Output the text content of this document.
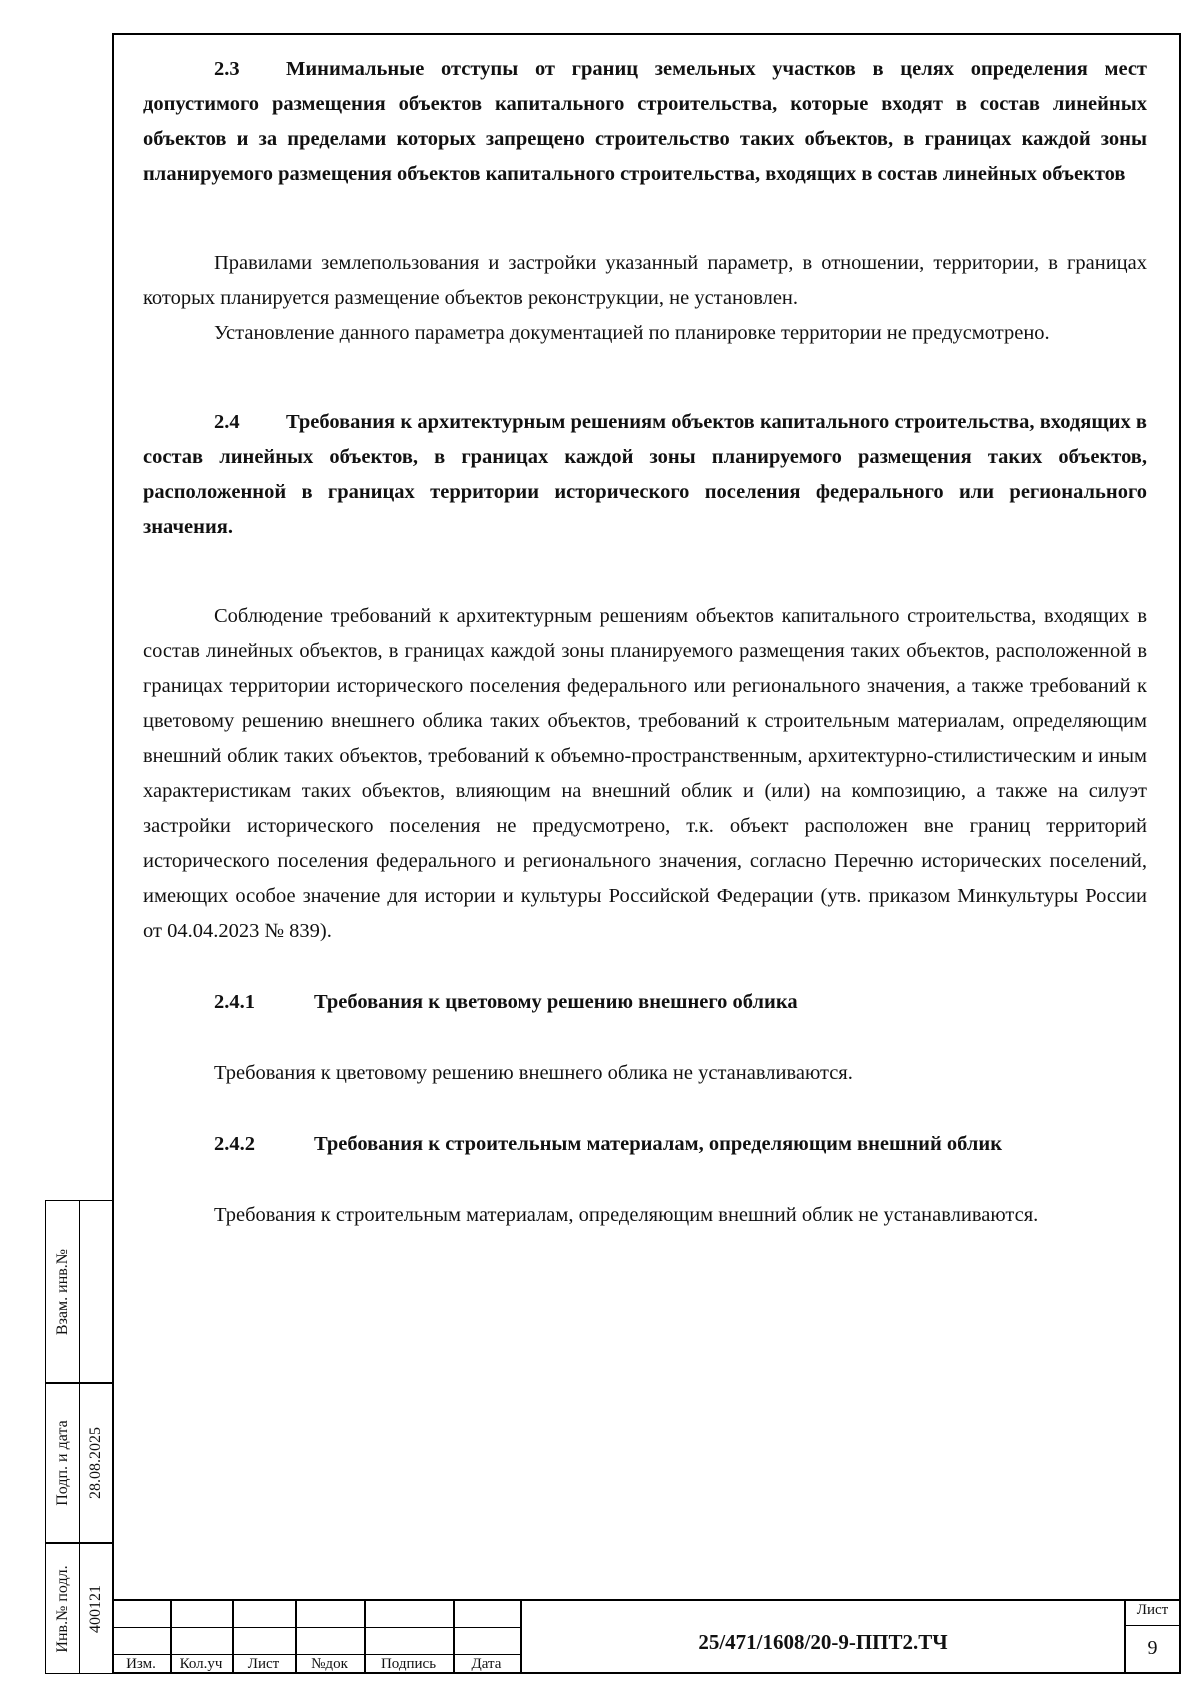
2.3 Минимальные отступы от границ земельных участков в целях определения мест допустимого размещения объектов капитального строительства, которые входят в состав линейных объектов и за пределами которых запрещено строительство таких объектов, в границах каждой зоны планируемого размещения объектов капитального строительства, входящих в состав линейных объектов

Правилами землепользования и застройки указанный параметр, в отношении, территории, в границах которых планируется размещение объектов реконструкции, не установлен.

Установление данного параметра документацией по планировке территории не предусмотрено.

2.4 Требования к архитектурным решениям объектов капитального строительства, входящих в состав линейных объектов, в границах каждой зоны планируемого размещения таких объектов, расположенной в границах территории исторического поселения федерального или регионального значения.

Соблюдение требований к архитектурным решениям объектов капитального строительства, входящих в состав линейных объектов, в границах каждой зоны планируемого размещения таких объектов, расположенной в границах территории исторического поселения федерального или регионального значения, а также требований к цветовому решению внешнего облика таких объектов, требований к строительным материалам, определяющим внешний облик таких объектов, требований к объемно-пространственным, архитектурно-стилистическим и иным характеристикам таких объектов, влияющим на внешний облик и (или) на композицию, а также на силуэт застройки исторического поселения не предусмотрено, т.к. объект расположен вне границ территорий исторического поселения федерального и регионального значения, согласно Перечню исторических поселений, имеющих особое значение для истории и культуры Российской Федерации (утв. приказом Минкультуры России от 04.04.2023 № 839).

2.4.1	Требования к цветовому решению внешнего облика

Требования к цветовому решению внешнего облика не устанавливаются.

2.4.2	Требования к строительным материалам, определяющим внешний облик

Требования к строительным материалам, определяющим внешний облик не устанавливаются.

Взам. инв.№
Подп. и дата 28.08.2025
Инв.№ подл. 400121
Изм.	Кол.уч	Лист	№док	Подпись	Дата
25/471/1608/20-9-ППТ2.ТЧ
Лист
9
